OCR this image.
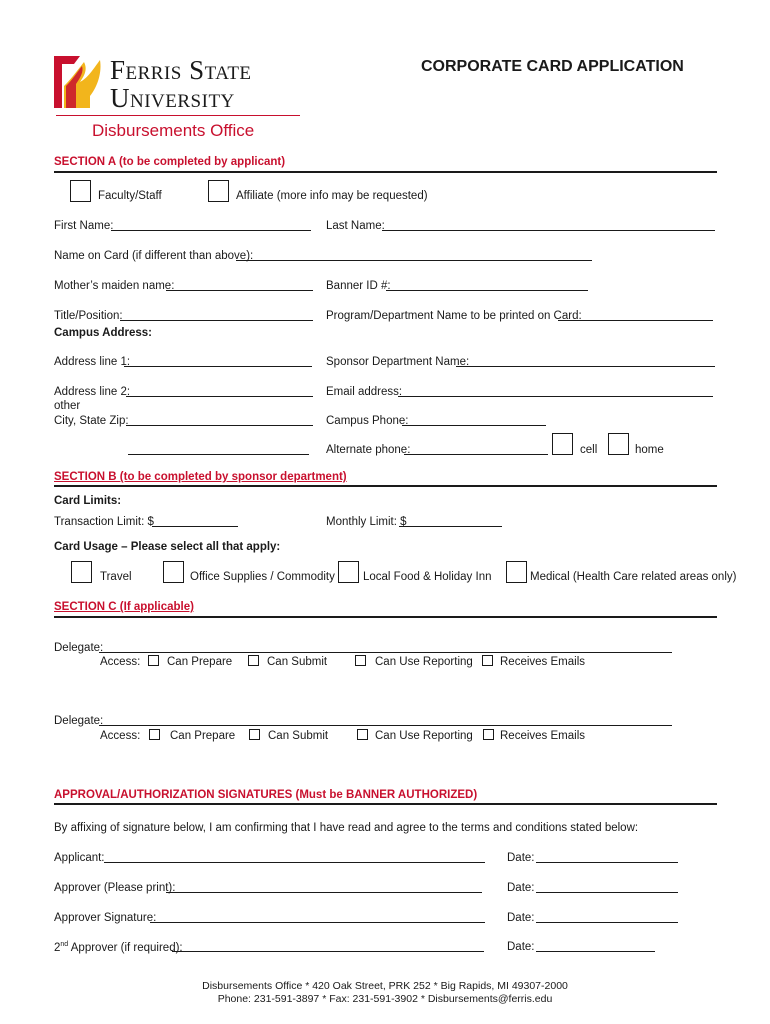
Ferris State
University
Disbursements Office
CORPORATE CARD APPLICATION
SECTION A (to be completed by applicant)
Faculty/Staff	Affiliate (more info may be requested)
First Name:	Last Name:
Name on Card (if different than above):
Mother’s maiden name:	Banner ID #:
Title/Position:	Program/Department Name to be printed on Card:
Campus Address:
Address line 1:	Sponsor Department Name:
Address line 2:	Email address:
other
City, State Zip:	Campus Phone:
Alternate phone:	cell	home
SECTION B (to be completed by sponsor department)
Card Limits:
Transaction Limit: $	Monthly Limit: $
Card Usage – Please select all that apply:
Travel	Office Supplies / Commodity Local Food & Holiday Inn	Medical (Health Care related areas only)
SECTION C (If applicable)
Delegate:
Access: Can Prepare	Can Submit	Can Use Reporting Receives Emails
Delegate:
Access:	Can Prepare	Can Submit	Can Use Reporting Receives Emails
APPROVAL/AUTHORIZATION SIGNATURES (Must be BANNER AUTHORIZED)
By affixing of signature below, I am confirming that I have read and agree to the terms and conditions stated below:
Applicant:	Date:
Approver (Please print):	Date:
Approver Signature:	Date:
2nd Approver (if required):	Date:
Disbursements Office * 420 Oak Street, PRK 252 * Big Rapids, MI 49307-2000
Phone: 231-591-3897 * Fax: 231-591-3902 * Disbursements@ferris.edu
